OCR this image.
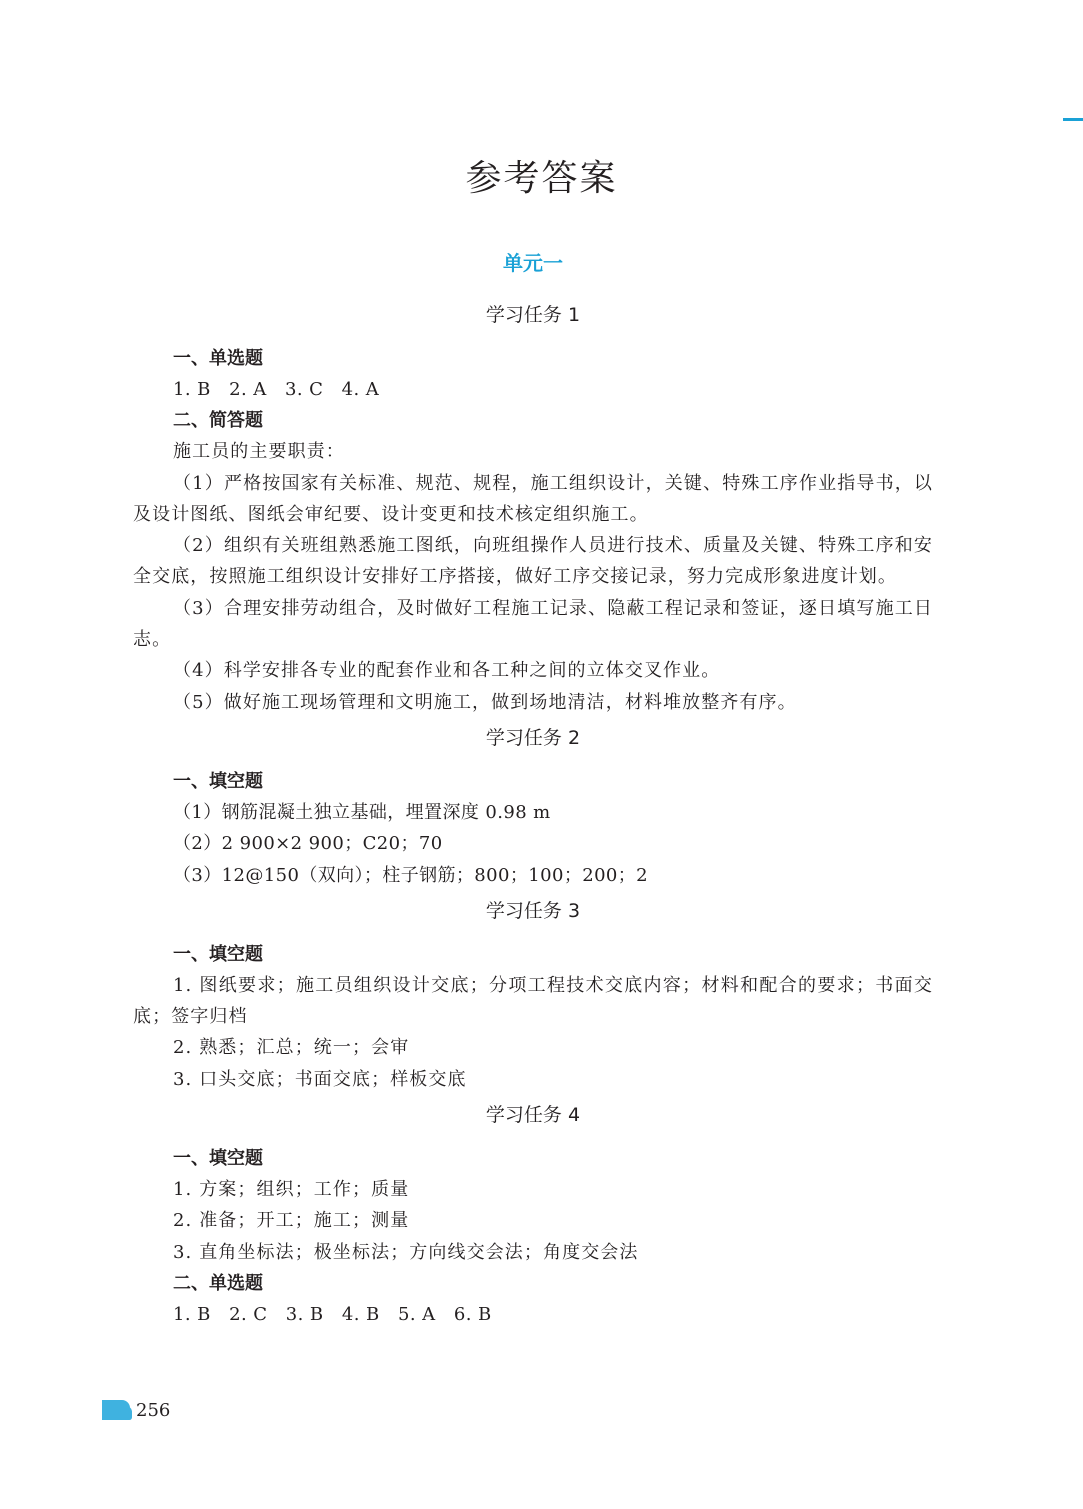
参考答案
单元一
学习任务 1
一、单选题
1. B　2. A　3. C　4. A
二、简答题
施工员的主要职责：
（1）严格按国家有关标准、规范、规程，施工组织设计，关键、特殊工序作业指导书，以及设计图纸、图纸会审纪要、设计变更和技术核定组织施工。
（2）组织有关班组熟悉施工图纸，向班组操作人员进行技术、质量及关键、特殊工序和安全交底，按照施工组织设计安排好工序搭接，做好工序交接记录，努力完成形象进度计划。
（3）合理安排劳动组合，及时做好工程施工记录、隐蔽工程记录和签证，逐日填写施工日志。
（4）科学安排各专业的配套作业和各工种之间的立体交叉作业。
（5）做好施工现场管理和文明施工，做到场地清洁，材料堆放整齐有序。
学习任务 2
一、填空题
（1）钢筋混凝土独立基础，埋置深度 0.98 m
（2）2 900×2 900；C20；70
（3）12@150（双向）；柱子钢筋；800；100；200；2
学习任务 3
一、填空题
1. 图纸要求；施工员组织设计交底；分项工程技术交底内容；材料和配合的要求；书面交底；签字归档
2. 熟悉；汇总；统一；会审
3. 口头交底；书面交底；样板交底
学习任务 4
一、填空题
1. 方案；组织；工作；质量
2. 准备；开工；施工；测量
3. 直角坐标法；极坐标法；方向线交会法；角度交会法
二、单选题
1. B　2. C　3. B　4. B　5. A　6. B
256
